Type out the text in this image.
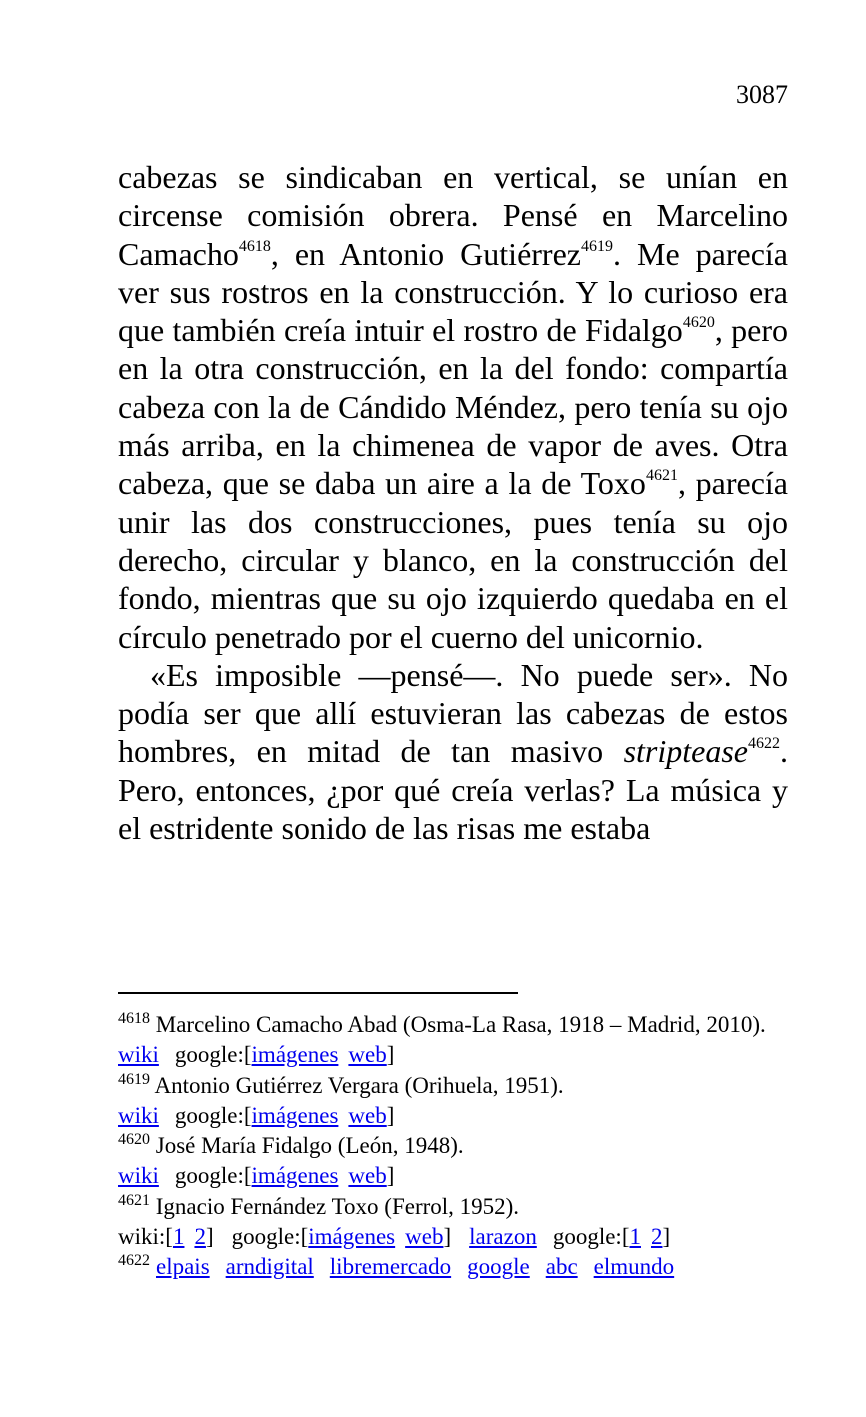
3087

cabezas se sindicaban en vertical, se unían en circense comisión obrera. Pensé en Marcelino Camacho$^{4618}$, en Antonio Gutiérrez$^{4619}$. Me parecía ver sus rostros en la construcción. Y lo curioso era que también creía intuir el rostro de Fidalgo$^{4620}$, pero en la otra construcción, en la del fondo: compartía cabeza con la de Cándido Méndez, pero tenía su ojo más arriba, en la chimenea de vapor de aves. Otra cabeza, que se daba un aire a la de Toxo$^{4621}$, parecía unir las dos construcciones, pues tenía su ojo derecho, circular y blanco, en la construcción del fondo, mientras que su ojo izquierdo quedaba en el círculo penetrado por el cuerno del unicornio.

«Es imposible ―pensé―. No puede ser». No podía ser que allí estuvieran las cabezas de estos hombres, en mitad de tan masivo striptease$^{4622}$. Pero, entonces, ¿por qué creía verlas? La música y el estridente sonido de las risas me estaba

$^{4618}$ Marcelino Camacho Abad (Osma-La Rasa, 1918 – Madrid, 2010).
wiki google:[imágenes web]
$^{4619}$ Antonio Gutiérrez Vergara (Orihuela, 1951).
wiki google:[imágenes web]
$^{4620}$ José María Fidalgo (León, 1948).
wiki google:[imágenes web]
$^{4621}$ Ignacio Fernández Toxo (Ferrol, 1952).
wiki:[1 2] google:[imágenes web] larazon google:[1 2]
$^{4622}$ elpais arndigital libremercado google abc elmundo
